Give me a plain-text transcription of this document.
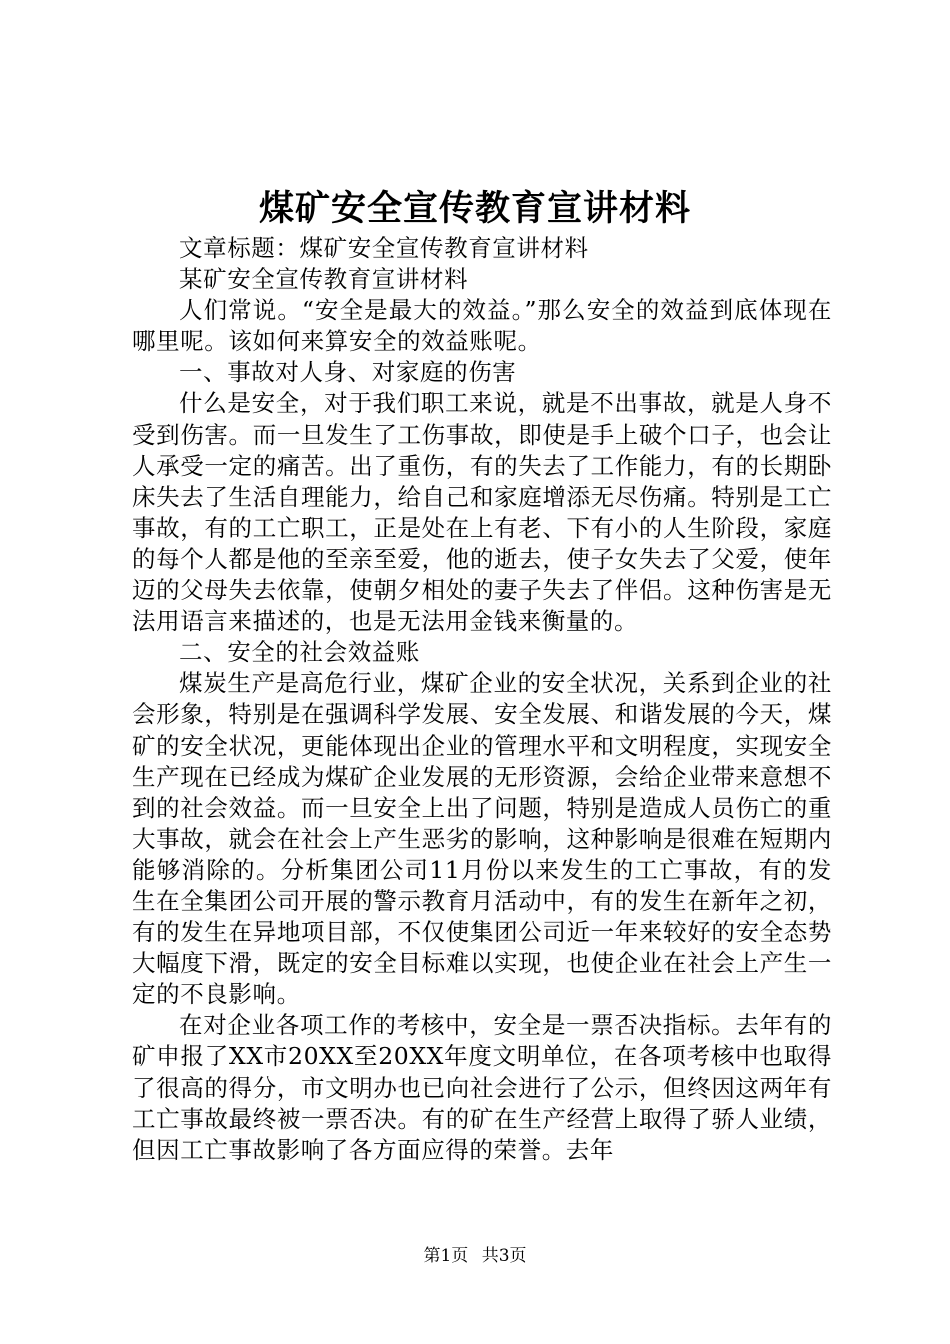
煤矿安全宣传教育宣讲材料

文章标题：煤矿安全宣传教育宣讲材料

某矿安全宣传教育宣讲材料

人们常说。“安全是最大的效益。”那么安全的效益到底体现在哪里呢。该如何来算安全的效益账呢。

一、事故对人身、对家庭的伤害

什么是安全，对于我们职工来说，就是不出事故，就是人身不受到伤害。而一旦发生了工伤事故，即使是手上破个口子，也会让人承受一定的痛苦。出了重伤，有的失去了工作能力，有的长期卧床失去了生活自理能力，给自己和家庭增添无尽伤痛。特别是工亡事故，有的工亡职工，正是处在上有老、下有小的人生阶段，家庭的每个人都是他的至亲至爱，他的逝去，使子女失去了父爱，使年迈的父母失去依靠，使朝夕相处的妻子失去了伴侣。这种伤害是无法用语言来描述的，也是无法用金钱来衡量的。

二、安全的社会效益账

煤炭生产是高危行业，煤矿企业的安全状况，关系到企业的社会形象，特别是在强调科学发展、安全发展、和谐发展的今天，煤矿的安全状况，更能体现出企业的管理水平和文明程度，实现安全生产现在已经成为煤矿企业发展的无形资源，会给企业带来意想不到的社会效益。而一旦安全上出了问题，特别是造成人员伤亡的重大事故，就会在社会上产生恶劣的影响，这种影响是很难在短期内能够消除的。分析集团公司11月份以来发生的工亡事故，有的发生在全集团公司开展的警示教育月活动中，有的发生在新年之初，有的发生在异地项目部，不仅使集团公司近一年来较好的安全态势大幅度下滑，既定的安全目标难以实现，也使企业在社会上产生一定的不良影响。

在对企业各项工作的考核中，安全是一票否决指标。去年有的矿申报了XX市20XX至20XX年度文明单位，在各项考核中也取得了很高的得分，市文明办也已向社会进行了公示，但终因这两年有工亡事故最终被一票否决。有的矿在生产经营上取得了骄人业绩，但因工亡事故影响了各方面应得的荣誉。去年

第1页 共3页
